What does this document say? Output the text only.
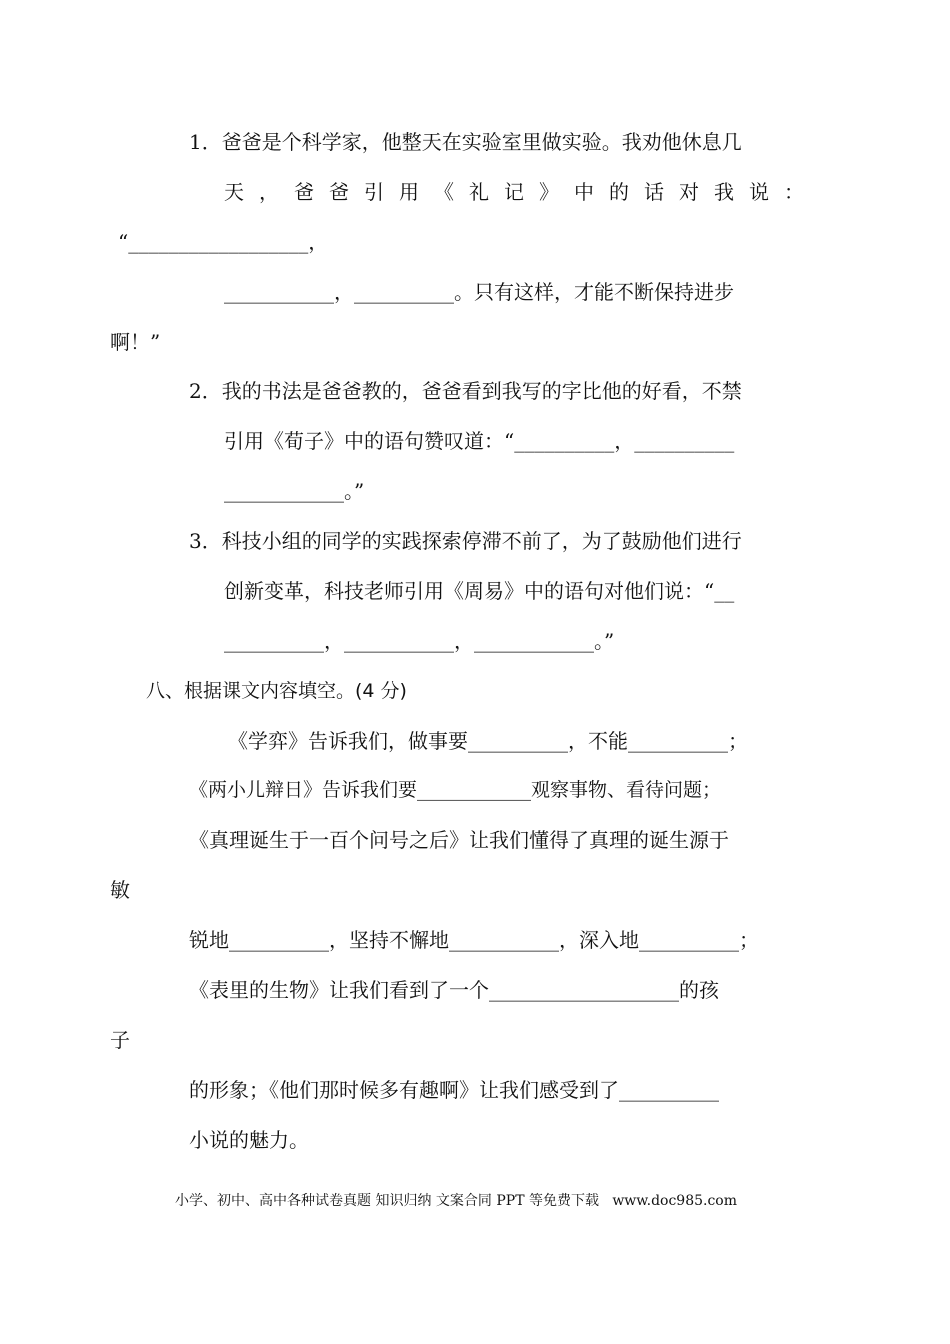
1．爸爸是个科学家，他整天在实验室里做实验。我劝他休息几
天，爸爸引用《礼记》中的话对我说：
“__________________，
___________，__________。只有这样，才能不断保持进步
啊！”
2．我的书法是爸爸教的，爸爸看到我写的字比他的好看，不禁
引用《荀子》中的语句赞叹道：“__________，__________
____________。”
3．科技小组的同学的实践探索停滞不前了，为了鼓励他们进行
创新变革，科技老师引用《周易》中的语句对他们说：“__
__________，___________，____________。”
八、根据课文内容填空。(4 分)
《学弈》告诉我们，做事要__________，不能__________；
《两小儿辩日》告诉我们要____________观察事物、看待问题；
《真理诞生于一百个问号之后》让我们懂得了真理的诞生源于
敏
锐地__________，坚持不懈地___________，深入地__________；
《表里的生物》让我们看到了一个___________________的孩
子
的形象；《他们那时候多有趣啊》让我们感受到了__________
小说的魅力。
小学、初中、高中各种试卷真题 知识归纳 文案合同 PPT 等免费下载   www.doc985.com
